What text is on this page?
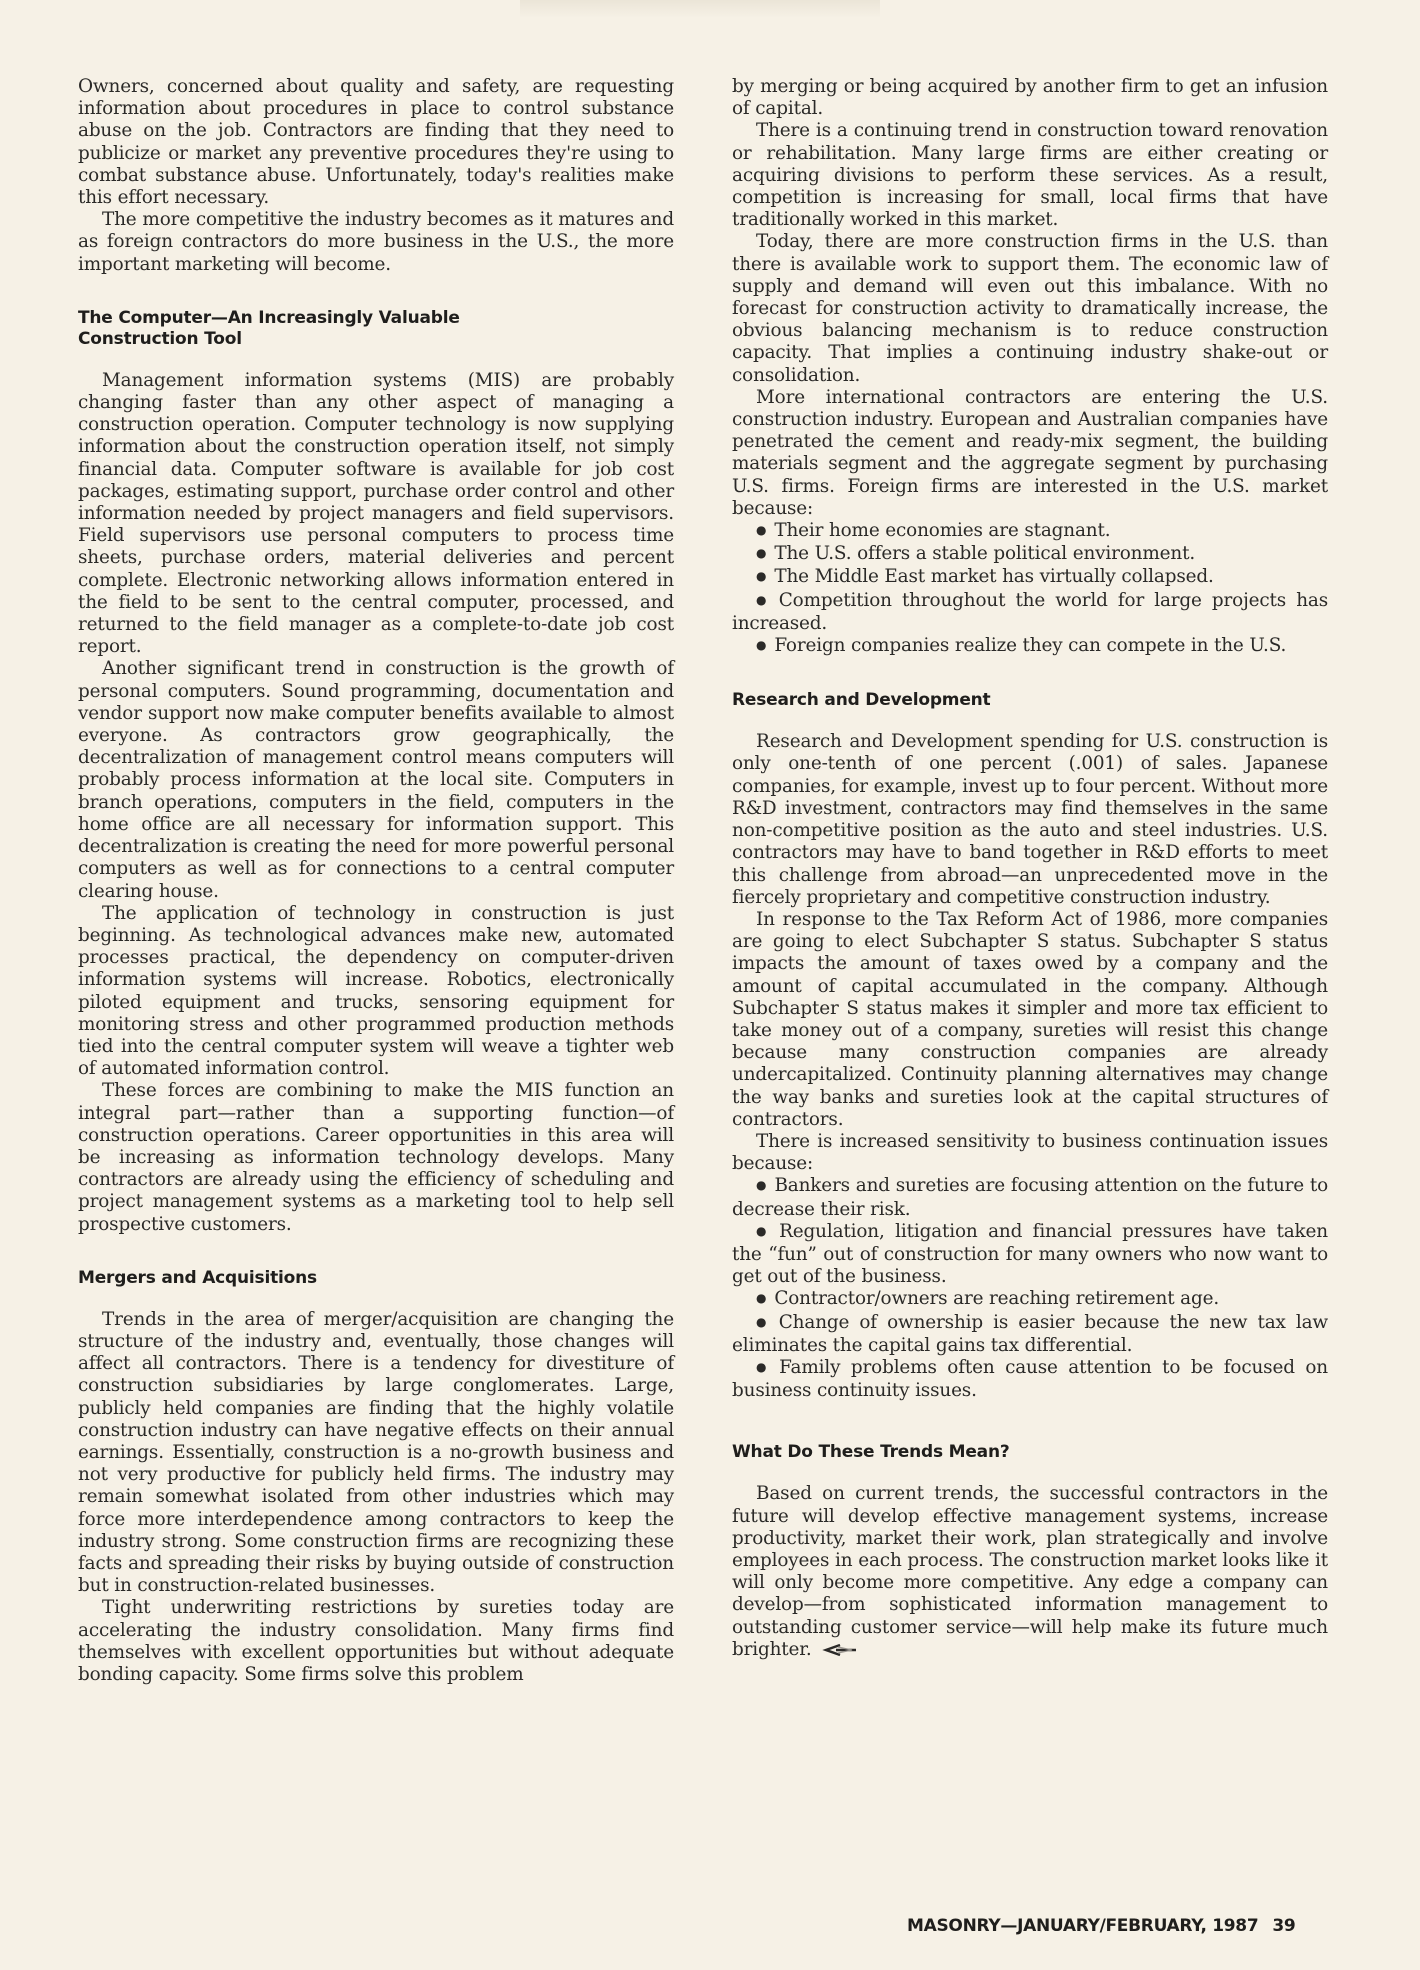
Owners, concerned about quality and safety, are requesting information about procedures in place to control substance abuse on the job. Contractors are finding that they need to publicize or market any preventive procedures they're using to combat substance abuse. Unfortunately, today's realities make this effort necessary.

The more competitive the industry becomes as it matures and as foreign contractors do more business in the U.S., the more important marketing will become.

The Computer—An Increasingly Valuable
Construction Tool

Management information systems (MIS) are probably changing faster than any other aspect of managing a construction operation. Computer technology is now supplying information about the construction operation itself, not simply financial data. Computer software is available for job cost packages, estimating support, purchase order control and other information needed by project managers and field supervisors. Field supervisors use personal computers to process time sheets, purchase orders, material deliveries and percent complete. Electronic networking allows information entered in the field to be sent to the central computer, processed, and returned to the field manager as a complete-to-date job cost report.

Another significant trend in construction is the growth of personal computers. Sound programming, documentation and vendor support now make computer benefits available to almost everyone. As contractors grow geographically, the decentralization of management control means computers will probably process information at the local site. Computers in branch operations, computers in the field, computers in the home office are all necessary for information support. This decentralization is creating the need for more powerful personal computers as well as for connections to a central computer clearing house.

The application of technology in construction is just beginning. As technological advances make new, automated processes practical, the dependency on computer-driven information systems will increase. Robotics, electronically piloted equipment and trucks, sensoring equipment for monitoring stress and other programmed production methods tied into the central computer system will weave a tighter web of automated information control.

These forces are combining to make the MIS function an integral part—rather than a supporting function—of construction operations. Career opportunities in this area will be increasing as information technology develops. Many contractors are already using the efficiency of scheduling and project management systems as a marketing tool to help sell prospective customers.

Mergers and Acquisitions

Trends in the area of merger/acquisition are changing the structure of the industry and, eventually, those changes will affect all contractors. There is a tendency for divestiture of construction subsidiaries by large conglomerates. Large, publicly held companies are finding that the highly volatile construction industry can have negative effects on their annual earnings. Essentially, construction is a no-growth business and not very productive for publicly held firms. The industry may remain somewhat isolated from other industries which may force more interdependence among contractors to keep the industry strong. Some construction firms are recognizing these facts and spreading their risks by buying outside of construction but in construction-related businesses.

Tight underwriting restrictions by sureties today are accelerating the industry consolidation. Many firms find themselves with excellent opportunities but without adequate bonding capacity. Some firms solve this problem

by merging or being acquired by another firm to get an infusion of capital.

There is a continuing trend in construction toward renovation or rehabilitation. Many large firms are either creating or acquiring divisions to perform these services. As a result, competition is increasing for small, local firms that have traditionally worked in this market.

Today, there are more construction firms in the U.S. than there is available work to support them. The economic law of supply and demand will even out this imbalance. With no forecast for construction activity to dramatically increase, the obvious balancing mechanism is to reduce construction capacity. That implies a continuing industry shake-out or consolidation.

More international contractors are entering the U.S. construction industry. European and Australian companies have penetrated the cement and ready-mix segment, the building materials segment and the aggregate segment by purchasing U.S. firms. Foreign firms are interested in the U.S. market because:

● Their home economies are stagnant.

● The U.S. offers a stable political environment.

● The Middle East market has virtually collapsed.

● Competition throughout the world for large projects has increased.

● Foreign companies realize they can compete in the U.S.

Research and Development

Research and Development spending for U.S. construction is only one-tenth of one percent (.001) of sales. Japanese companies, for example, invest up to four percent. Without more R&D investment, contractors may find themselves in the same non-competitive position as the auto and steel industries. U.S. contractors may have to band together in R&D efforts to meet this challenge from abroad—an unprecedented move in the fiercely proprietary and competitive construction industry.

In response to the Tax Reform Act of 1986, more companies are going to elect Subchapter S status. Subchapter S status impacts the amount of taxes owed by a company and the amount of capital accumulated in the company. Although Subchapter S status makes it simpler and more tax efficient to take money out of a company, sureties will resist this change because many construction companies are already undercapitalized. Continuity planning alternatives may change the way banks and sureties look at the capital structures of contractors.

There is increased sensitivity to business continuation issues because:

● Bankers and sureties are focusing attention on the future to decrease their risk.

● Regulation, litigation and financial pressures have taken the “fun” out of construction for many owners who now want to get out of the business.

● Contractor/owners are reaching retirement age.

● Change of ownership is easier because the new tax law eliminates the capital gains tax differential.

● Family problems often cause attention to be focused on business continuity issues.

What Do These Trends Mean?

Based on current trends, the successful contractors in the future will develop effective management systems, increase productivity, market their work, plan strategically and involve employees in each process. The construction market looks like it will only become more competitive. Any edge a company can develop—from sophisticated information management to outstanding customer service—will help make its future much brighter.

MASONRY—JANUARY/FEBRUARY, 1987 39
